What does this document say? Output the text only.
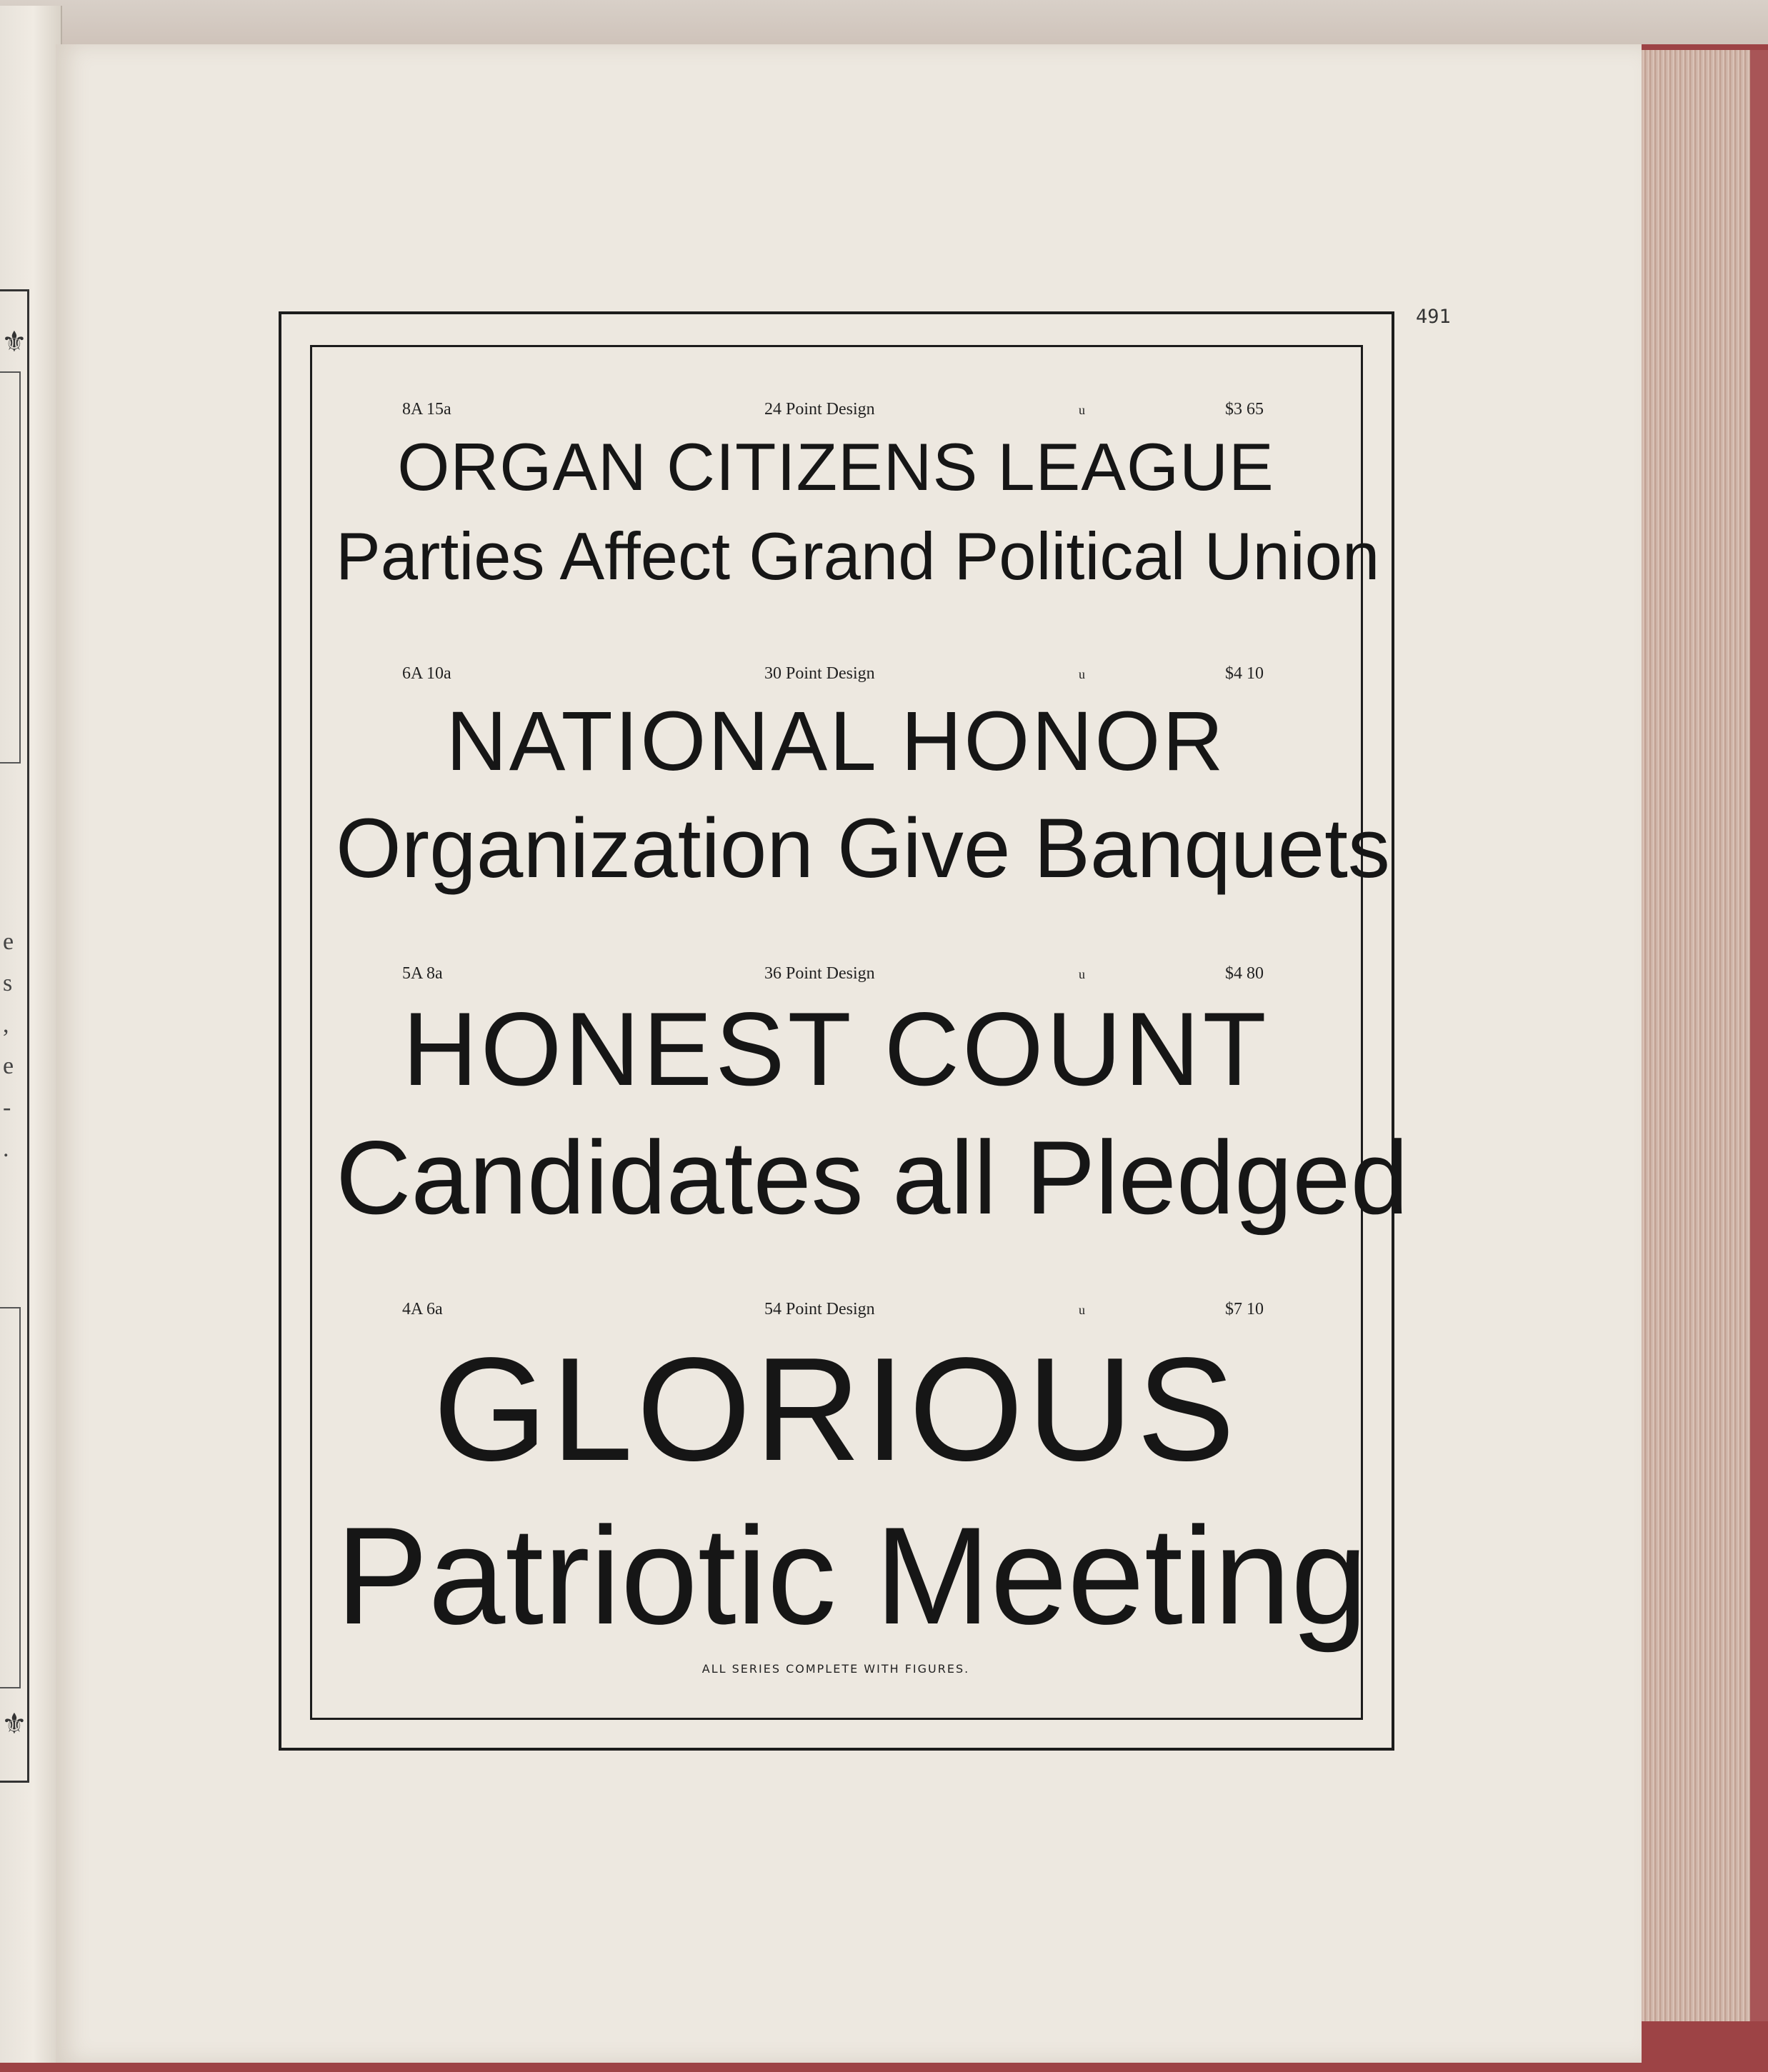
⚜
⚜
e
s
,
e
-
.
491
8A 15a	24 Point Design	u	$3 65
ORGAN CITIZENS LEAGUE
Parties Affect Grand Political Union
6A 10a	30 Point Design	u	$4 10
NATIONAL HONOR
Organization Give Banquets
5A 8a	36 Point Design	u	$4 80
HONEST COUNT
Candidates all Pledged
4A 6a	54 Point Design	u	$7 10
GLORIOUS
Patriotic Meeting
ALL SERIES COMPLETE WITH FIGURES.
